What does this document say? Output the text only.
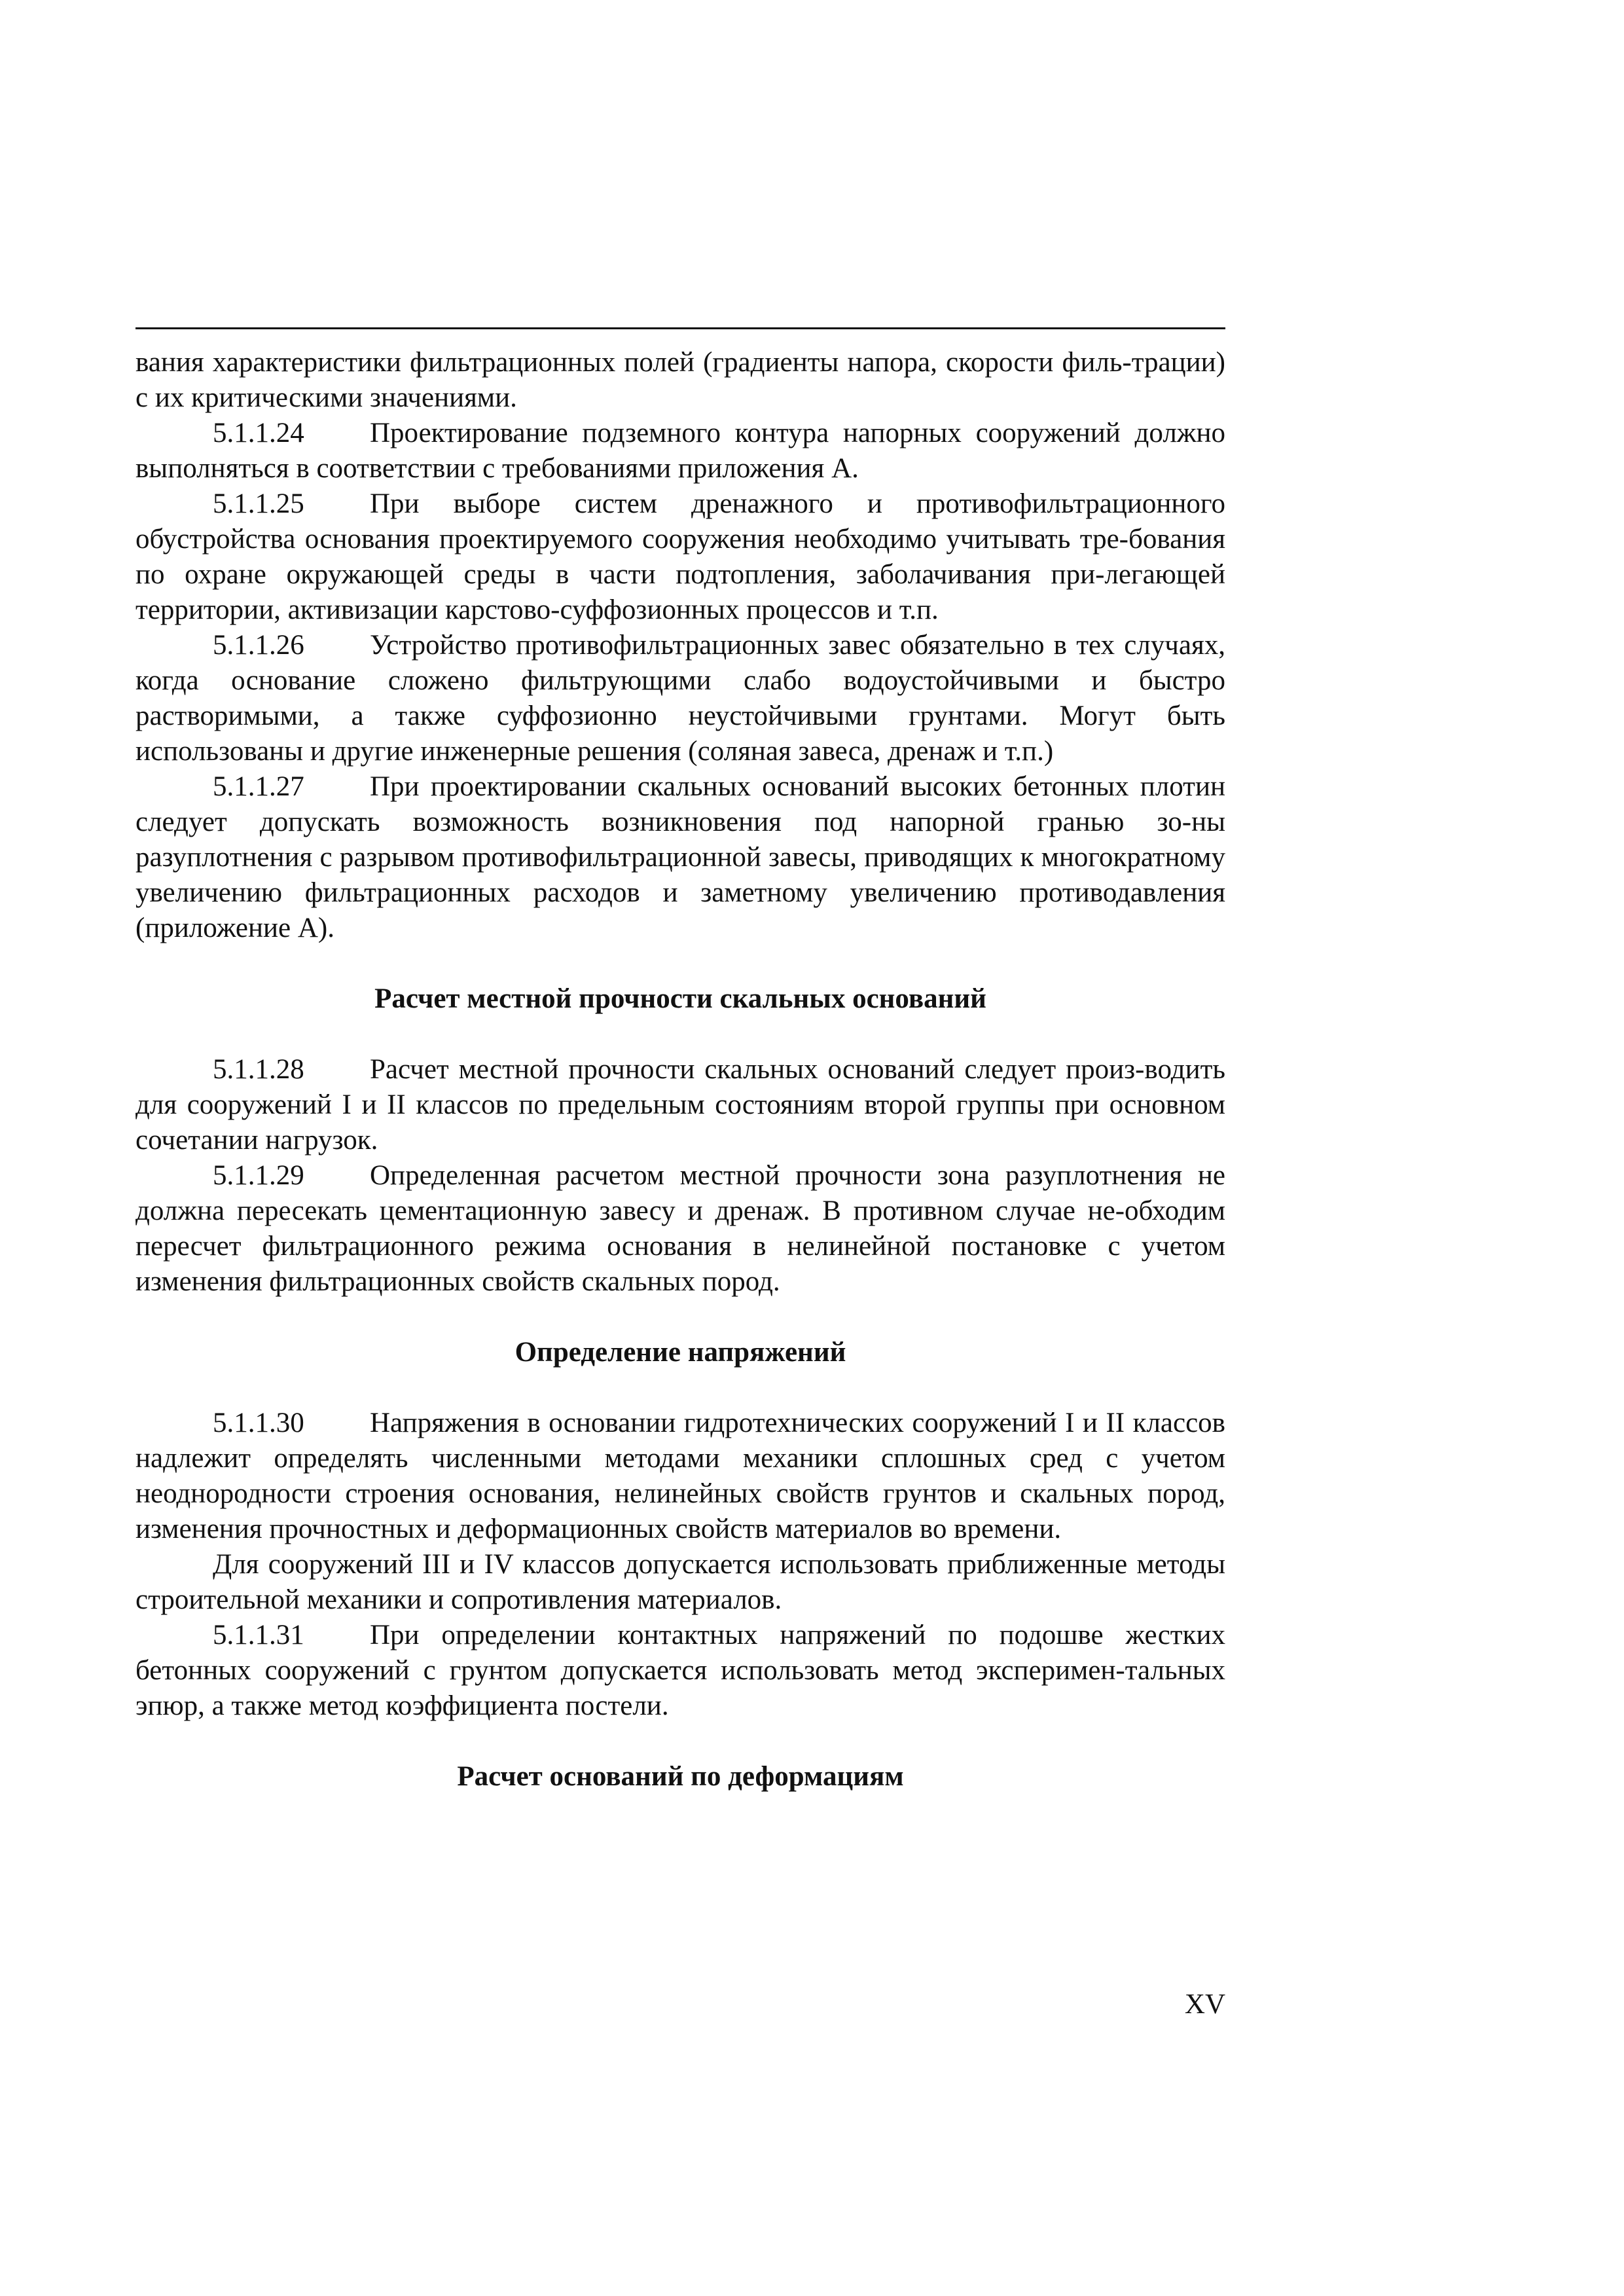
вания характеристики фильтрационных полей (градиенты напора, скорости филь-трации) с их критическими значениями.

5.1.1.24 Проектирование подземного контура напорных сооружений должно выполняться в соответствии с требованиями приложения А.

5.1.1.25 При выборе систем дренажного и противофильтрационного обустройства основания проектируемого сооружения необходимо учитывать тре-бования по охране окружающей среды в части подтопления, заболачивания при-легающей территории, активизации карстово-суффозионных процессов и т.п.

5.1.1.26 Устройство противофильтрационных завес обязательно в тех случаях, когда основание сложено фильтрующими слабо водоустойчивыми и быстро растворимыми, а также суффозионно неустойчивыми грунтами. Могут быть использованы и другие инженерные решения (соляная завеса, дренаж и т.п.)

5.1.1.27 При проектировании скальных оснований высоких бетонных плотин следует допускать возможность возникновения под напорной гранью зо-ны разуплотнения с разрывом противофильтрационной завесы, приводящих к многократному увеличению фильтрационных расходов и заметному увеличению противодавления (приложение А).

Расчет местной прочности скальных оснований

5.1.1.28 Расчет местной прочности скальных оснований следует произ-водить для сооружений I и II классов по предельным состояниям второй группы при основном сочетании нагрузок.

5.1.1.29 Определенная расчетом местной прочности зона разуплотнения не должна пересекать цементационную завесу и дренаж. В противном случае не-обходим пересчет фильтрационного режима основания в нелинейной постановке с учетом изменения фильтрационных свойств скальных пород.

Определение напряжений

5.1.1.30 Напряжения в основании гидротехнических сооружений I и II классов надлежит определять численными методами механики сплошных сред с учетом неоднородности строения основания, нелинейных свойств грунтов и скальных пород, изменения прочностных и деформационных свойств материалов во времени.

Для сооружений III и IV классов допускается использовать приближенные методы строительной механики и сопротивления материалов.

5.1.1.31 При определении контактных напряжений по подошве жестких бетонных сооружений с грунтом допускается использовать метод эксперимен-тальных эпюр, а также метод коэффициента постели.

Расчет оснований по деформациям

XV
